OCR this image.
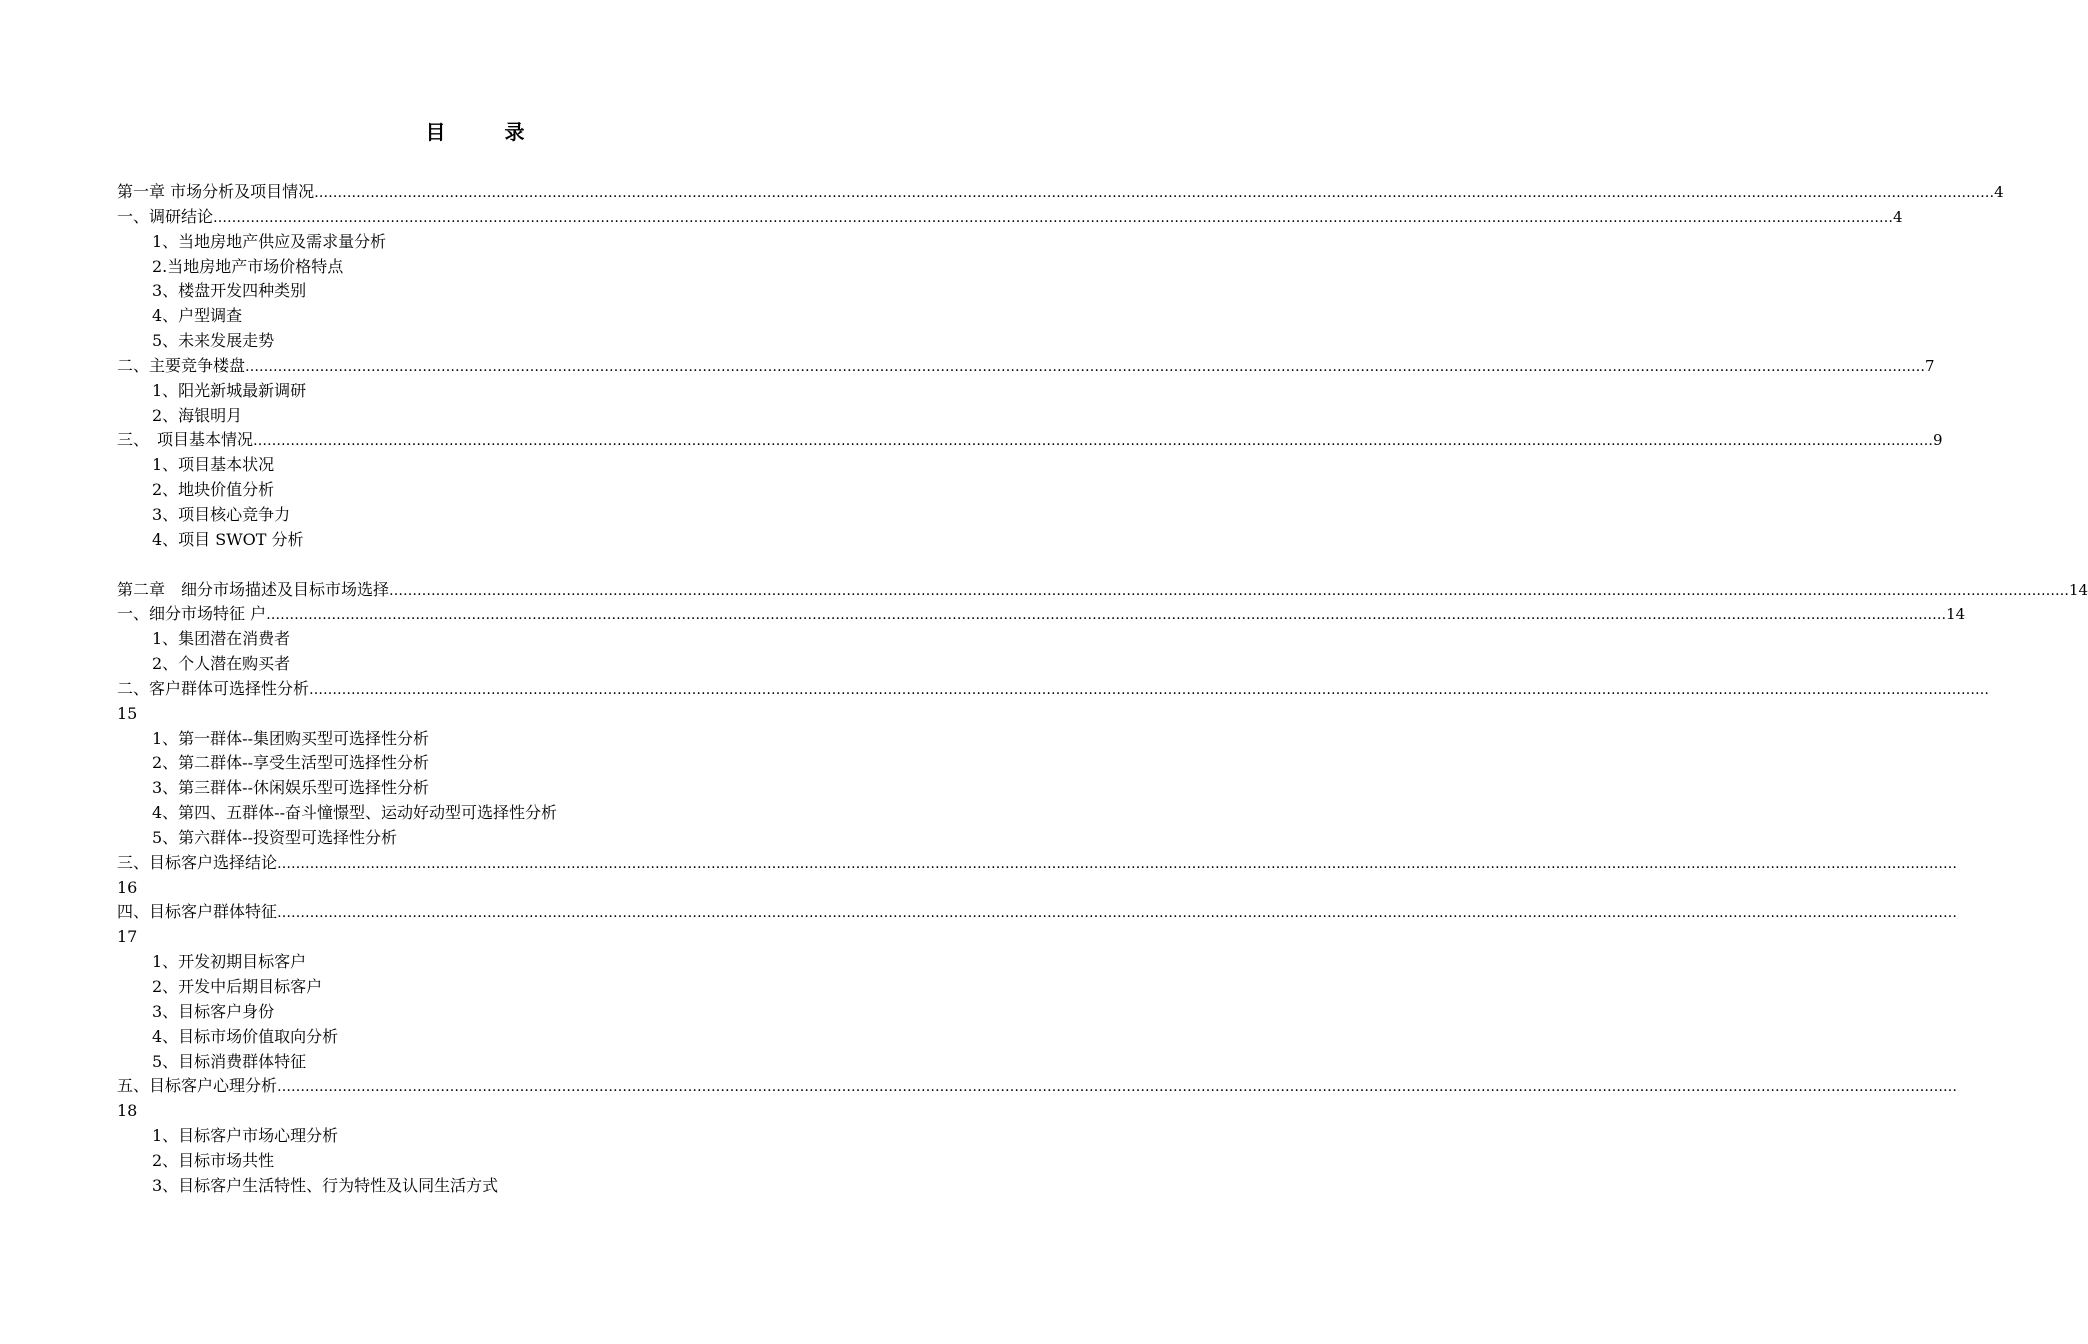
目 录
第一章 市场分析及项目情况 ……………………………………………………………………………………………………………………………………………………………………………………………………………………………………………………………………………………………………………………………… 4
一、调研结论 ……………………………………………………………………………………………………………………………………………………………………………………………………………………………………………………………………………………………………………………………… 4
1、当地房地产供应及需求量分析
2.当地房地产市场价格特点
3、楼盘开发四种类别
4、户型调查
5、未来发展走势
二、主要竞争楼盘 ……………………………………………………………………………………………………………………………………………………………………………………………………………………………………………………………………………………………………………………………… 7
1、阳光新城最新调研
2、海银明月
三、　项目基本情况 ……………………………………………………………………………………………………………………………………………………………………………………………………………………………………………………………………………………………………………………………… 9
1、项目基本状况
2、地块价值分析
3、项目核心竞争力
4、项目 SWOT 分析
第二章　细分市场描述及目标市场选择 ……………………………………………………………………………………………………………………………………………………………………………………………………………………………………………………………………………………………………………………………… 14
一、细分市场特征 户 ……………………………………………………………………………………………………………………………………………………………………………………………………………………………………………………………………………………………………………………………… 14
1、集团潜在消费者
2、个人潜在购买者
二、客户群体可选择性分析 ………………………………………………………………………………………………………………………………………………………………………………………………………………………………………………………………………………………………………………………………
15
1、第一群体--集团购买型可选择性分析
2、第二群体--享受生活型可选择性分析
3、第三群体--休闲娱乐型可选择性分析
4、第四、五群体--奋斗憧憬型、运动好动型可选择性分析
5、第六群体--投资型可选择性分析
三、目标客户选择结论 ………………………………………………………………………………………………………………………………………………………………………………………………………………………………………………………………………………………………………………………………
16
四、目标客户群体特征 ………………………………………………………………………………………………………………………………………………………………………………………………………………………………………………………………………………………………………………………………
17
1、开发初期目标客户
2、开发中后期目标客户
3、目标客户身份
4、目标市场价值取向分析
5、目标消费群体特征
五、目标客户心理分析 ………………………………………………………………………………………………………………………………………………………………………………………………………………………………………………………………………………………………………………………………
18
1、目标客户市场心理分析
2、目标市场共性
3、目标客户生活特性、行为特性及认同生活方式
